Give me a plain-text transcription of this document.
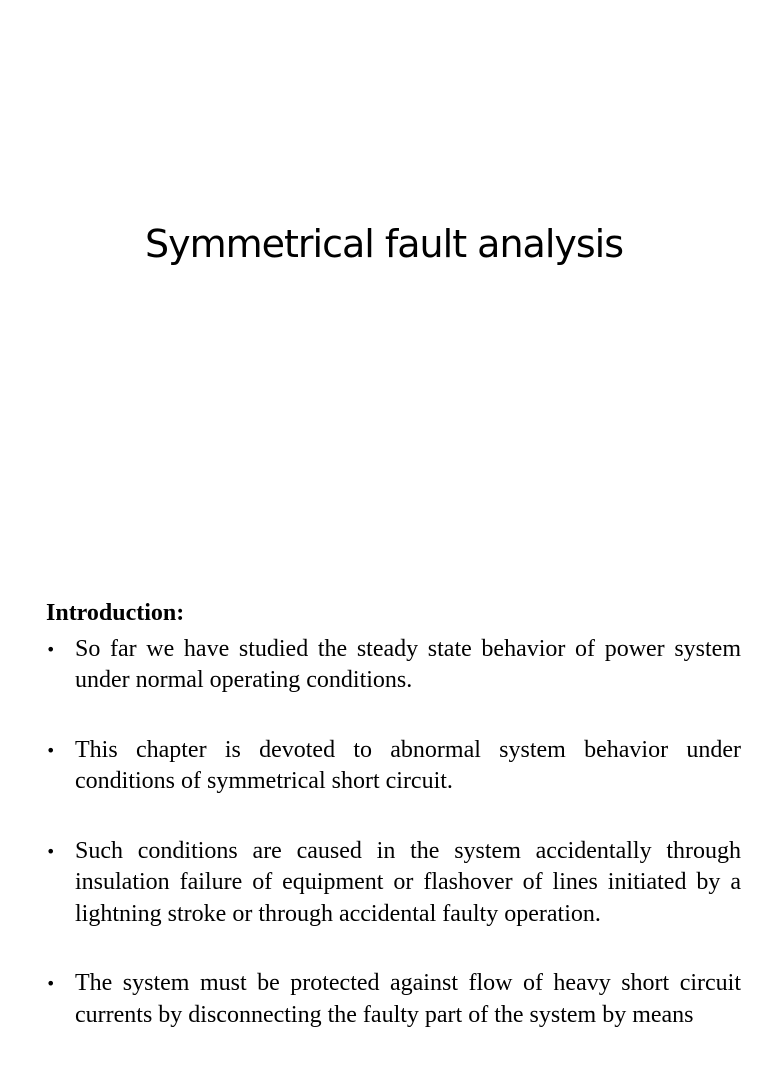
Symmetrical fault analysis
Introduction:
• So far we have studied the steady state behavior of power system under normal operating conditions.
• This chapter is devoted to abnormal system behavior under conditions of symmetrical short circuit.
• Such conditions are caused in the system accidentally through insulation failure of equipment or flashover of lines initiated by a lightning stroke or through accidental faulty operation.
• The system must be protected against flow of heavy short circuit currents by disconnecting the faulty part of the system by means
